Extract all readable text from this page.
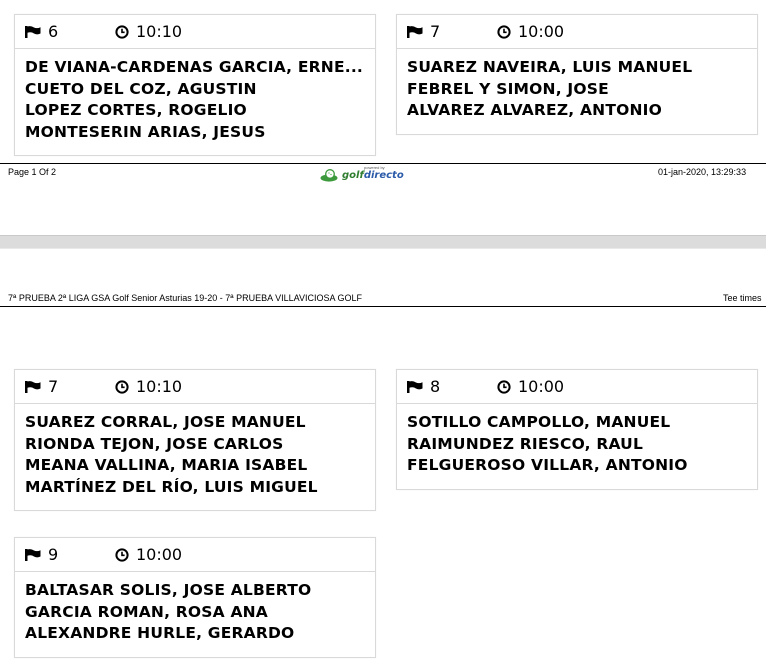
6	10:10
DE VIANA-CARDENAS GARCIA, ERNE...
CUETO DEL COZ, AGUSTIN
LOPEZ CORTES, ROGELIO
MONTESERIN ARIAS, JESUS
7	10:00
SUAREZ NAVEIRA, LUIS MANUEL
FEBREL Y SIMON, JOSE
ALVAREZ ALVAREZ, ANTONIO
Page 1 Of 2	golfdirecto
powered by	01-jan-2020, 13:29:33
7ª PRUEBA 2ª LIGA GSA Golf Senior Asturias 19-20 - 7ª PRUEBA VILLAVICIOSA GOLF	Tee times
7	10:10
SUAREZ CORRAL, JOSE MANUEL
RIONDA TEJON, JOSE CARLOS
MEANA VALLINA, MARIA ISABEL
MARTÍNEZ DEL RÍO, LUIS MIGUEL
8	10:00
SOTILLO CAMPOLLO, MANUEL
RAIMUNDEZ RIESCO, RAUL
FELGUEROSO VILLAR, ANTONIO
9	10:00
BALTASAR SOLIS, JOSE ALBERTO
GARCIA ROMAN, ROSA ANA
ALEXANDRE HURLE, GERARDO
